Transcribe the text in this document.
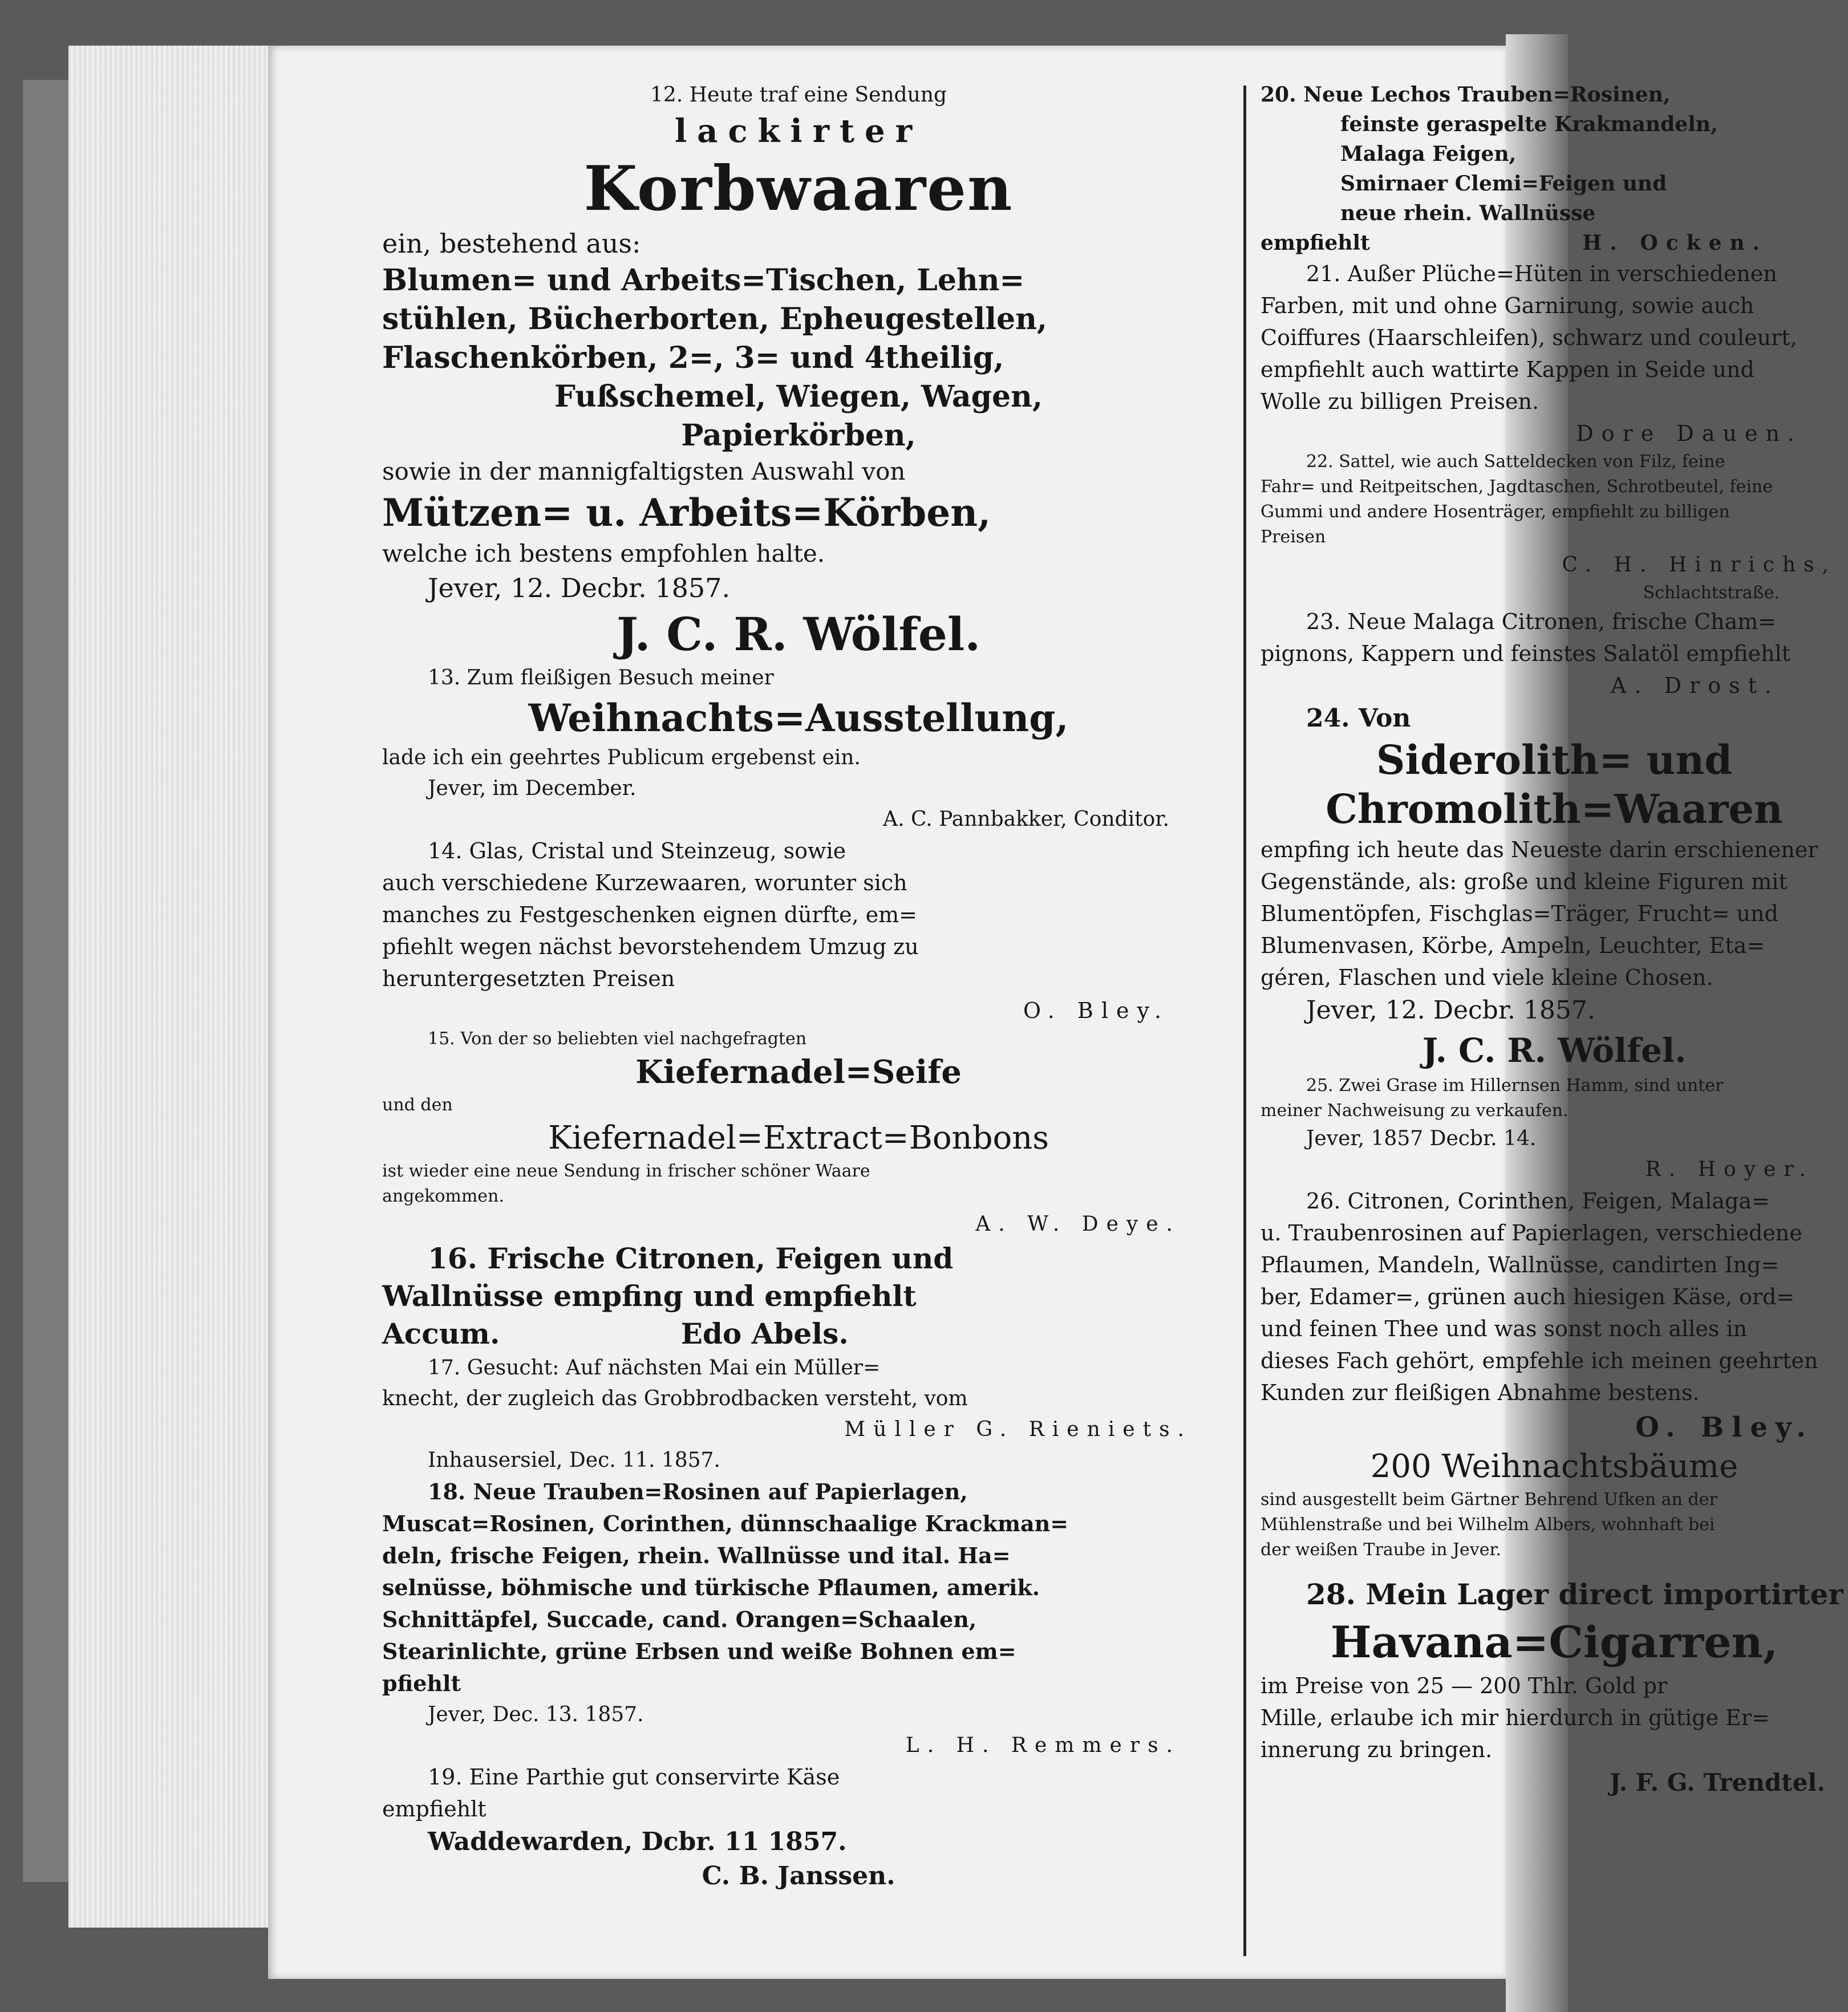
12. Heute traf eine Sendung

lackirter

Korbwaaren

ein, bestehend aus:

Blumen= und Arbeits=Tischen, Lehn=

stühlen, Bücherborten, Epheugestellen,

Flaschenkörben, 2=, 3= und 4theilig,

Fußschemel, Wiegen, Wagen,

Papierkörben,

sowie in der mannigfaltigsten Auswahl von

Mützen= u. Arbeits=Körben,

welche ich bestens empfohlen halte.

Jever, 12. Decbr. 1857.

J. C. R. Wölfel.

13. Zum fleißigen Besuch meiner

Weihnachts=Ausstellung,

lade ich ein geehrtes Publicum ergebenst ein.

Jever, im December.

A. C. Pannbakker, Conditor.

14. Glas, Cristal und Steinzeug, sowie

auch verschiedene Kurzewaaren, worunter sich

manches zu Festgeschenken eignen dürfte, em=

pfiehlt wegen nächst bevorstehendem Umzug zu

heruntergesetzten Preisen

O. Bley.

15. Von der so beliebten viel nachgefragten

Kiefernadel=Seife

und den

Kiefernadel=Extract=Bonbons

ist wieder eine neue Sendung in frischer schöner Waare

angekommen.

A. W. Deye.

16. Frische Citronen, Feigen und

Wallnüsse empfing und empfiehlt

Accum.	Edo Abels.

17. Gesucht: Auf nächsten Mai ein Müller=

knecht, der zugleich das Grobbrodbacken versteht, vom

Müller G. Rieniets.

Inhausersiel, Dec. 11. 1857.

18. Neue Trauben=Rosinen auf Papierlagen,

Muscat=Rosinen, Corinthen, dünnschaalige Krackman=

deln, frische Feigen, rhein. Wallnüsse und ital. Ha=

selnüsse, böhmische und türkische Pflaumen, amerik.

Schnittäpfel, Succade, cand. Orangen=Schaalen,

Stearinlichte, grüne Erbsen und weiße Bohnen em=

pfiehlt

Jever, Dec. 13. 1857.

L. H. Remmers.

19. Eine Parthie gut conservirte Käse

empfiehlt

Waddewarden, Dcbr. 11 1857.

C. B. Janssen.

20. Neue Lechos Trauben=Rosinen,

feinste geraspelte Krakmandeln,

Malaga Feigen,

Smirnaer Clemi=Feigen und

neue rhein. Wallnüsse

empfiehlt	H. Ocken.

21. Außer Plüche=Hüten in verschiedenen

Farben, mit und ohne Garnirung, sowie auch

Coiffures (Haarschleifen), schwarz und couleurt,

empfiehlt auch wattirte Kappen in Seide und

Wolle zu billigen Preisen.

Dore Dauen.

22. Sattel, wie auch Satteldecken von Filz, feine

Fahr= und Reitpeitschen, Jagdtaschen, Schrotbeutel, feine

Gummi und andere Hosenträger, empfiehlt zu billigen

Preisen

C. H. Hinrichs,

Schlachtstraße.

23. Neue Malaga Citronen, frische Cham=

pignons, Kappern und feinstes Salatöl empfiehlt

A. Drost.

24. Von

Siderolith= und

Chromolith=Waaren

empfing ich heute das Neueste darin erschienener

Gegenstände, als: große und kleine Figuren mit

Blumentöpfen, Fischglas=Träger, Frucht= und

Blumenvasen, Körbe, Ampeln, Leuchter, Eta=

géren, Flaschen und viele kleine Chosen.

Jever, 12. Decbr. 1857.

J. C. R. Wölfel.

25. Zwei Grase im Hillernsen Hamm, sind unter

meiner Nachweisung zu verkaufen.

Jever, 1857 Decbr. 14.

R. Hoyer.

26. Citronen, Corinthen, Feigen, Malaga=

u. Traubenrosinen auf Papierlagen, verschiedene

Pflaumen, Mandeln, Wallnüsse, candirten Ing=

ber, Edamer=, grünen auch hiesigen Käse, ord=

und feinen Thee und was sonst noch alles in

dieses Fach gehört, empfehle ich meinen geehrten

Kunden zur fleißigen Abnahme bestens.

O. Bley.

200 Weihnachtsbäume

sind ausgestellt beim Gärtner Behrend Ufken an der

Mühlenstraße und bei Wilhelm Albers, wohnhaft bei

der weißen Traube in Jever.

28. Mein Lager direct importirter

Havana=Cigarren,

im Preise von 25 — 200 Thlr. Gold pr

Mille, erlaube ich mir hierdurch in gütige Er=

innerung zu bringen.

J. F. G. Trendtel.
